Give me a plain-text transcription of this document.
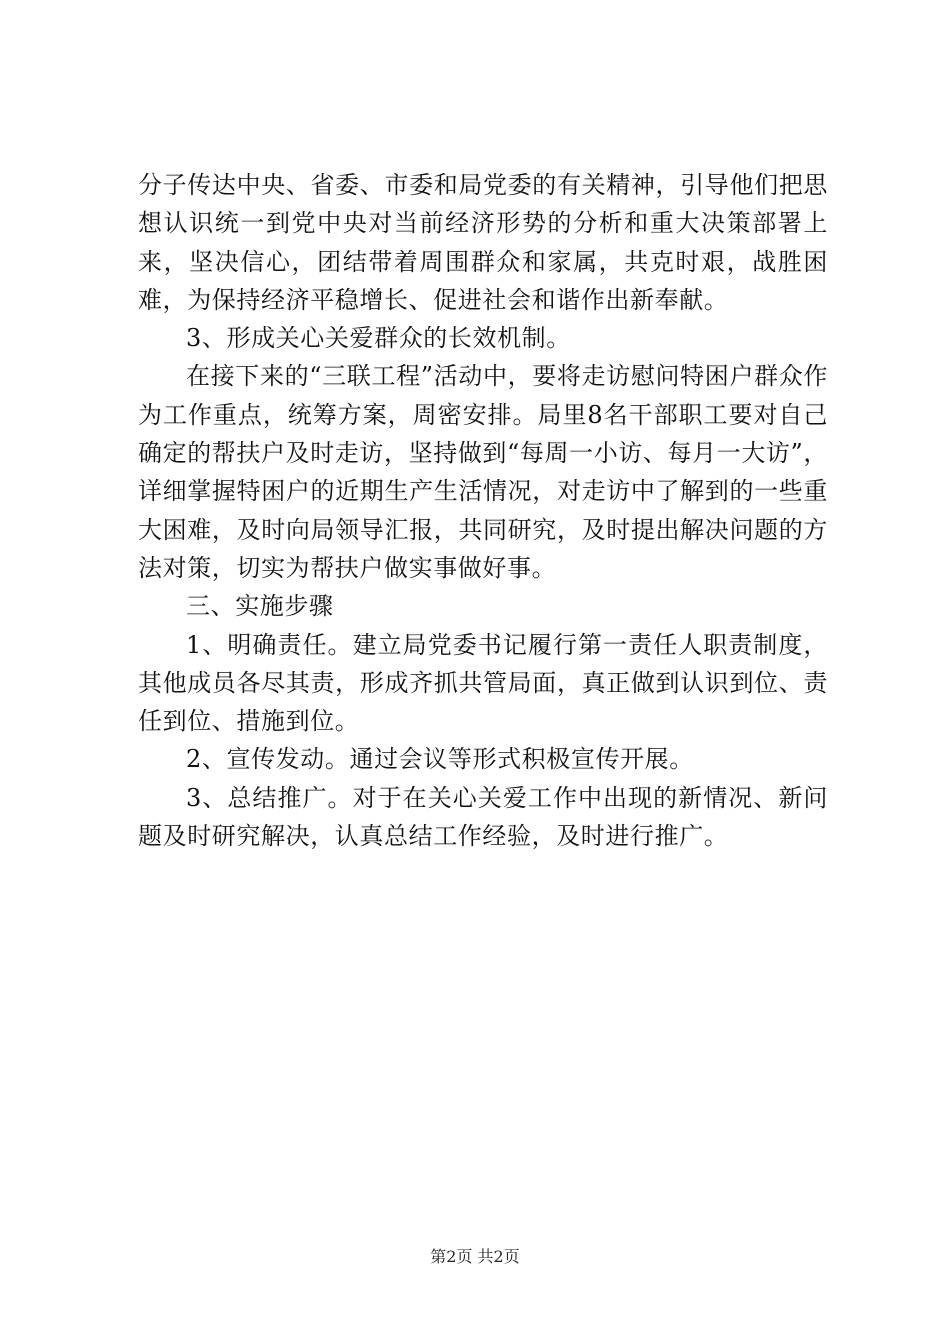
分子传达中央、省委、市委和局党委的有关精神，引导他们把思想认识统一到党中央对当前经济形势的分析和重大决策部署上来，坚决信心，团结带着周围群众和家属，共克时艰，战胜困难，为保持经济平稳增长、促进社会和谐作出新奉献。

3、形成关心关爱群众的长效机制。

在接下来的“三联工程”活动中，要将走访慰问特困户群众作为工作重点，统筹方案，周密安排。局里8名干部职工要对自己确定的帮扶户及时走访，坚持做到“每周一小访、每月一大访”，详细掌握特困户的近期生产生活情况，对走访中了解到的一些重大困难，及时向局领导汇报，共同研究，及时提出解决问题的方法对策，切实为帮扶户做实事做好事。

三、实施步骤

1、明确责任。建立局党委书记履行第一责任人职责制度，其他成员各尽其责，形成齐抓共管局面，真正做到认识到位、责任到位、措施到位。

2、宣传发动。通过会议等形式积极宣传开展。

3、总结推广。对于在关心关爱工作中出现的新情况、新问题及时研究解决，认真总结工作经验，及时进行推广。

第2页 共2页
